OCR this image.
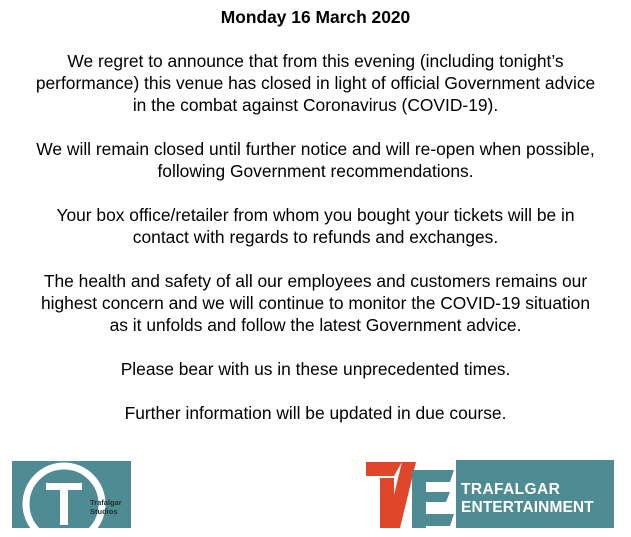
Monday 16 March 2020

We regret to announce that from this evening (including tonight’s
performance) this venue has closed in light of official Government advice
in the combat against Coronavirus (COVID-19).

We will remain closed until further notice and will re-open when possible,
following Government recommendations.

Your box office/retailer from whom you bought your tickets will be in
contact with regards to refunds and exchanges.

The health and safety of all our employees and customers remains our
highest concern and we will continue to monitor the COVID-19 situation
as it unfolds and follow the latest Government advice.

Please bear with us in these unprecedented times.

Further information will be updated in due course.

Trafalgar
Studios
TRAFALGAR
ENTERTAINMENT
